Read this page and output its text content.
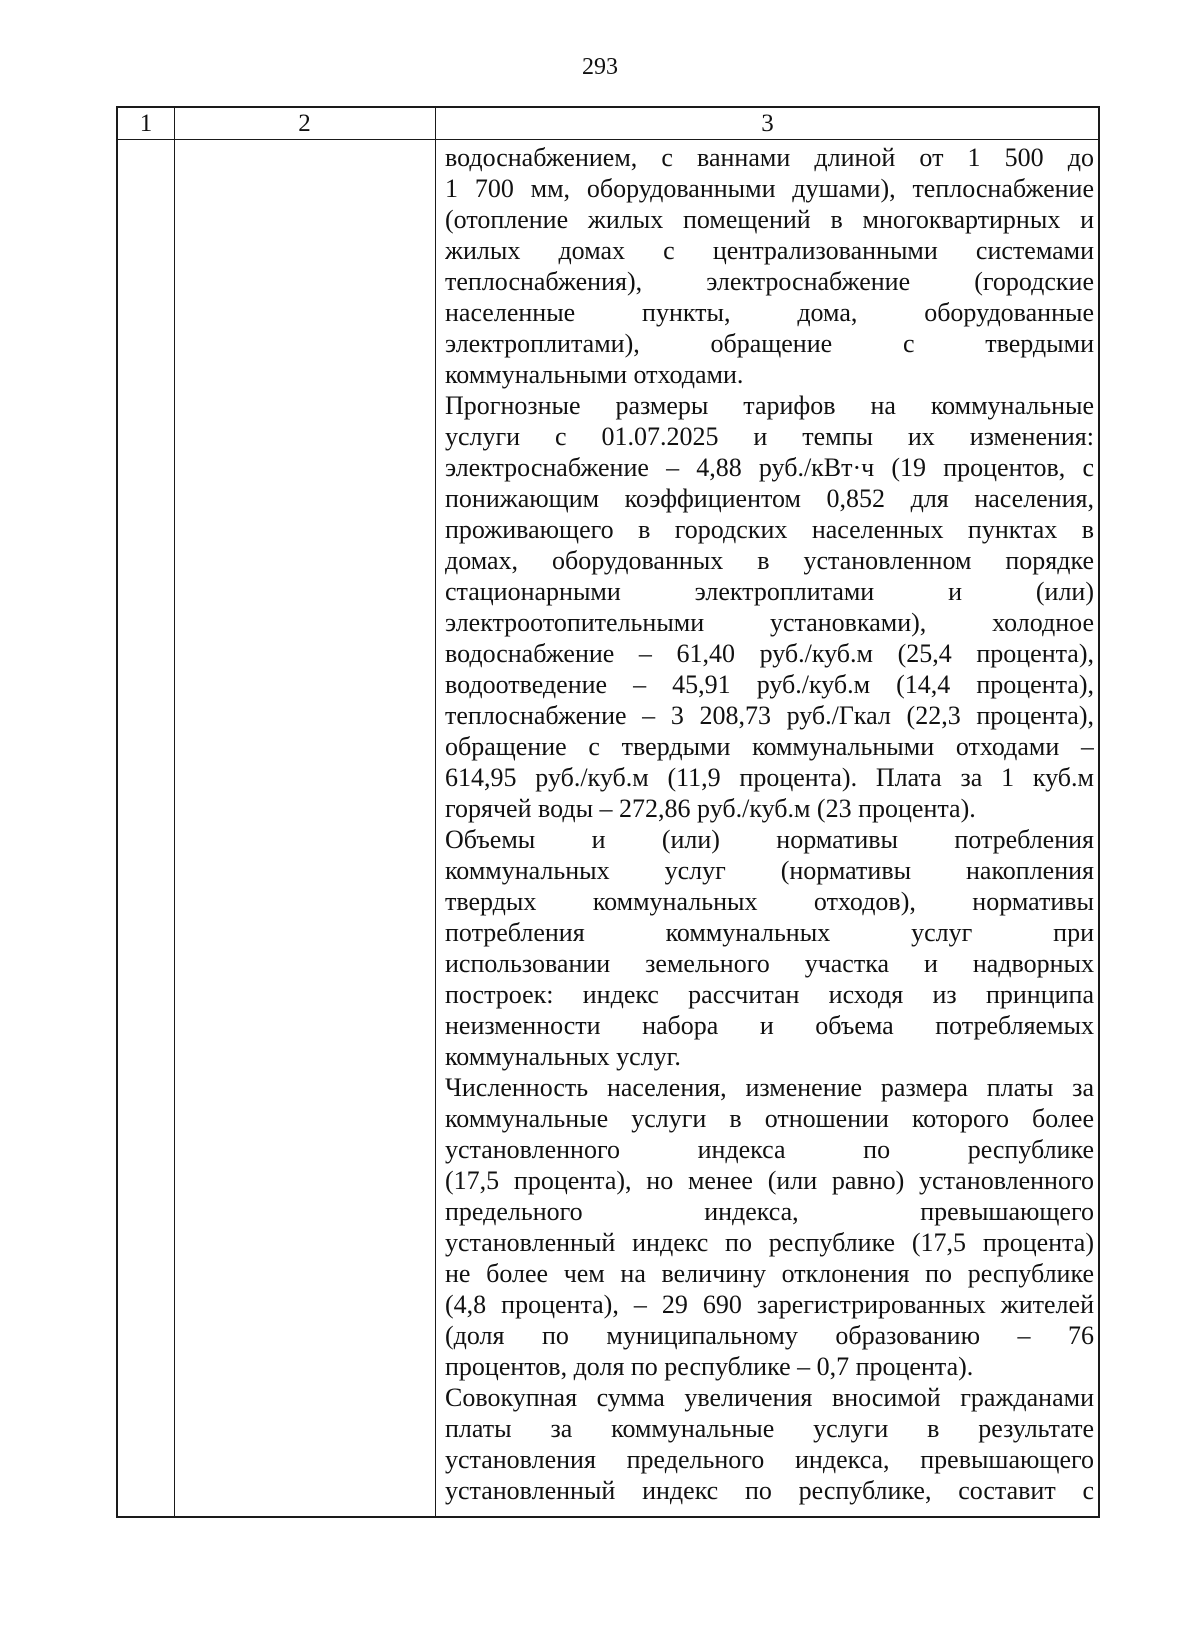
293
1	2	3
водоснабжением, с ваннами длиной от 1 500 до
1 700 мм, оборудованными душами), теплоснабжение
(отопление жилых помещений в многоквартирных и
жилых домах с централизованными системами
теплоснабжения), электроснабжение (городские
населенные пункты, дома, оборудованные
электроплитами), обращение с твердыми
коммунальными отходами.
Прогнозные размеры тарифов на коммунальные
услуги с 01.07.2025 и темпы их изменения:
электроснабжение – 4,88 руб./кВт·ч (19 процентов, с
понижающим коэффициентом 0,852 для населения,
проживающего в городских населенных пунктах в
домах, оборудованных в установленном порядке
стационарными электроплитами и (или)
электроотопительными установками), холодное
водоснабжение – 61,40 руб./куб.м (25,4 процента),
водоотведение – 45,91 руб./куб.м (14,4 процента),
теплоснабжение – 3 208,73 руб./Гкал (22,3 процента),
обращение с твердыми коммунальными отходами –
614,95 руб./куб.м (11,9 процента). Плата за 1 куб.м
горячей воды – 272,86 руб./куб.м (23 процента).
Объемы и (или) нормативы потребления
коммунальных услуг (нормативы накопления
твердых коммунальных отходов), нормативы
потребления коммунальных услуг при
использовании земельного участка и надворных
построек: индекс рассчитан исходя из принципа
неизменности набора и объема потребляемых
коммунальных услуг.
Численность населения, изменение размера платы за
коммунальные услуги в отношении которого более
установленного индекса по республике
(17,5 процента), но менее (или равно) установленного
предельного индекса, превышающего
установленный индекс по республике (17,5 процента)
не более чем на величину отклонения по республике
(4,8 процента), – 29 690 зарегистрированных жителей
(доля по муниципальному образованию – 76
процентов, доля по республике – 0,7 процента).
Совокупная сумма увеличения вносимой гражданами
платы за коммунальные услуги в результате
установления предельного индекса, превышающего
установленный индекс по республике, составит с
